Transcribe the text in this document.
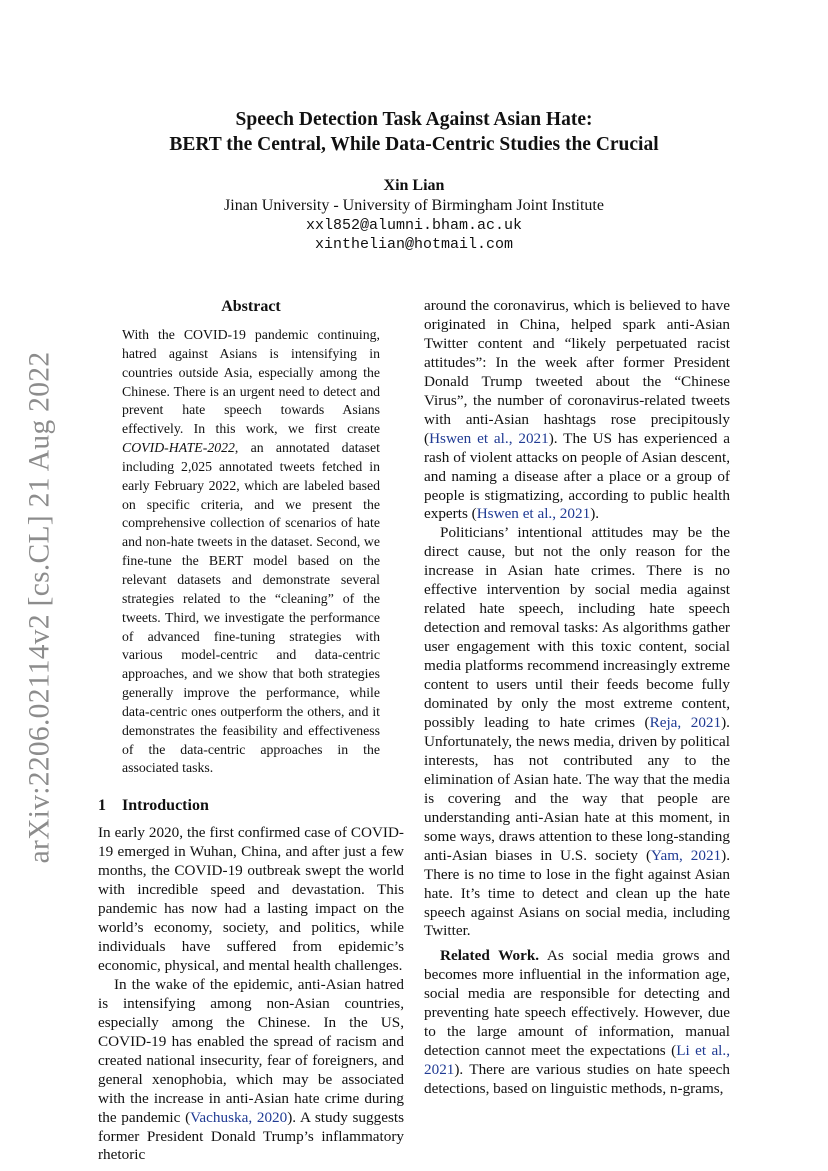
arXiv:2206.02114v2 [cs.CL] 21 Aug 2022
Speech Detection Task Against Asian Hate:
BERT the Central, While Data-Centric Studies the Crucial
Xin Lian
Jinan University - University of Birmingham Joint Institute
xxl852@alumni.bham.ac.uk
xinthelian@hotmail.com
Abstract

With the COVID-19 pandemic continuing, hatred against Asians is intensifying in countries outside Asia, especially among the Chinese. There is an urgent need to detect and prevent hate speech towards Asians effectively. In this work, we first create COVID-HATE-2022, an annotated dataset including 2,025 annotated tweets fetched in early February 2022, which are labeled based on specific criteria, and we present the comprehensive collection of scenarios of hate and non-hate tweets in the dataset. Second, we fine-tune the BERT model based on the relevant datasets and demonstrate several strategies related to the “cleaning” of the tweets. Third, we investigate the performance of advanced fine-tuning strategies with various model-centric and data-centric approaches, and we show that both strategies generally improve the performance, while data-centric ones outperform the others, and it demonstrates the feasibility and effectiveness of the data-centric approaches in the associated tasks.

1 Introduction

In early 2020, the first confirmed case of COVID-19 emerged in Wuhan, China, and after just a few months, the COVID-19 outbreak swept the world with incredible speed and devastation. This pandemic has now had a lasting impact on the world’s economy, society, and politics, while individuals have suffered from epidemic’s economic, physical, and mental health challenges.

In the wake of the epidemic, anti-Asian hatred is intensifying among non-Asian countries, especially among the Chinese. In the US, COVID-19 has enabled the spread of racism and created national insecurity, fear of foreigners, and general xenophobia, which may be associated with the increase in anti-Asian hate crime during the pandemic (Vachuska, 2020). A study suggests former President Donald Trump’s inflammatory rhetoric

around the coronavirus, which is believed to have originated in China, helped spark anti-Asian Twitter content and “likely perpetuated racist attitudes”: In the week after former President Donald Trump tweeted about the “Chinese Virus”, the number of coronavirus-related tweets with anti-Asian hashtags rose precipitously (Hswen et al., 2021). The US has experienced a rash of violent attacks on people of Asian descent, and naming a disease after a place or a group of people is stigmatizing, according to public health experts (Hswen et al., 2021).

Politicians’ intentional attitudes may be the direct cause, but not the only reason for the increase in Asian hate crimes. There is no effective intervention by social media against related hate speech, including hate speech detection and removal tasks: As algorithms gather user engagement with this toxic content, social media platforms recommend increasingly extreme content to users until their feeds become fully dominated by only the most extreme content, possibly leading to hate crimes (Reja, 2021). Unfortunately, the news media, driven by political interests, has not contributed any to the elimination of Asian hate. The way that the media is covering and the way that people are understanding anti-Asian hate at this moment, in some ways, draws attention to these long-standing anti-Asian biases in U.S. society (Yam, 2021). There is no time to lose in the fight against Asian hate. It’s time to detect and clean up the hate speech against Asians on social media, including Twitter.

Related Work. As social media grows and becomes more influential in the information age, social media are responsible for detecting and preventing hate speech effectively. However, due to the large amount of information, manual detection cannot meet the expectations (Li et al., 2021). There are various studies on hate speech detections, based on linguistic methods, n-grams,
